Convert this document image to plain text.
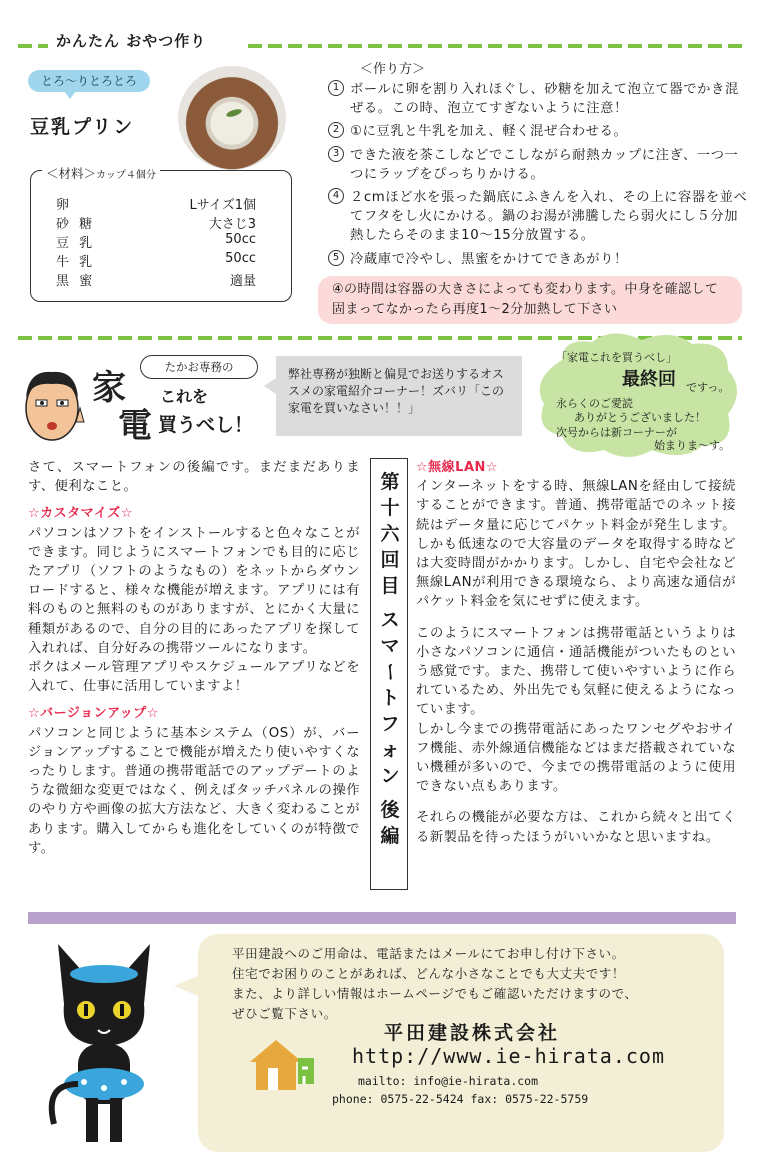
かんたん おやつ作り
とろ～りとろとろ
豆乳プリン
＜材料＞カップ４個分
卵	Lサイズ1個
砂 糖	大さじ3
豆 乳	50cc
牛 乳	50cc
黒 蜜	適量
＜作り方＞
1 ボールに卵を割り入れほぐし、砂糖を加えて泡立て器でかき混ぜる。この時、泡立てすぎないように注意！
2 ①に豆乳と牛乳を加え、軽く混ぜ合わせる。
3 できた液を茶こしなどでこしながら耐熱カップに注ぎ、一つ一つにラップをぴっちりかける。
4 ２cmほど水を張った鍋底にふきんを入れ、その上に容器を並べてフタをし火にかける。鍋のお湯が沸騰したら弱火にし５分加熱したらそのまま10～15分放置する。
5 冷蔵庫で冷やし、黒蜜をかけてできあがり！
④の時間は容器の大きさによっても変わります。中身を確認して固まってなかったら再度1～2分加熱して下さい
家
電
これを
買うべし！
たかお専務の	弊社専務が独断と偏見でお送りするオススメの家電紹介コーナー！ズバリ「この家電を買いなさい！！」
「家電これを買うべし」
最終回 ですっ。
永らくのご愛読
ありがとうございました！
次号からは新コーナーが
始まりま～す。
さて、スマートフォンの後編です。まだまだあります、便利なこと。
☆カスタマイズ☆
パソコンはソフトをインストールすると色々なことができます。同じようにスマートフォンでも目的に応じたアプリ（ソフトのようなもの）をネットからダウンロードすると、様々な機能が増えます。アプリには有料のものと無料のものがありますが、とにかく大量に種類があるので、自分の目的にあったアプリを探して入れれば、自分好みの携帯ツールになります。
ボクはメール管理アプリやスケジュールアプリなどを入れて、仕事に活用していますよ！
☆バージョンアップ☆
パソコンと同じように基本システム（OS）が、バージョンアップすることで機能が増えたり使いやすくなったりします。普通の携帯電話でのアップデートのような微細な変更ではなく、例えばタッチパネルの操作のやり方や画像の拡大方法など、大きく変わることがあります。購入してからも進化をしていくのが特徴です。
第
十
六
回
目
ス
マ
ー
ト
フ
ォ
ン
後
編
☆無線LAN☆
インターネットをする時、無線LANを経由して接続することができます。普通、携帯電話でのネット接続はデータ量に応じてパケット料金が発生します。しかも低速なので大容量のデータを取得する時などは大変時間がかかります。しかし、自宅や会社など無線LANが利用できる環境なら、より高速な通信がパケット料金を気にせずに使えます。
このようにスマートフォンは携帯電話というよりは小さなパソコンに通信・通話機能がついたものという感覚です。また、携帯して使いやすいように作られているため、外出先でも気軽に使えるようになっています。
しかし今までの携帯電話にあったワンセグやおサイフ機能、赤外線通信機能などはまだ搭載されていない機種が多いので、今までの携帯電話のように使用できない点もあります。
それらの機能が必要な方は、これから続々と出てくる新製品を待ったほうがいいかなと思いますね。
平田建設へのご用命は、電話またはメールにてお申し付け下さい。
住宅でお困りのことがあれば、どんな小さなことでも大丈夫です！
また、より詳しい情報はホームページでもご確認いただけますので、
ぜひご覧下さい。
平田建設株式会社
http://www.ie-hirata.com
mailto: info@ie-hirata.com
phone: 0575-22-5424 fax: 0575-22-5759
